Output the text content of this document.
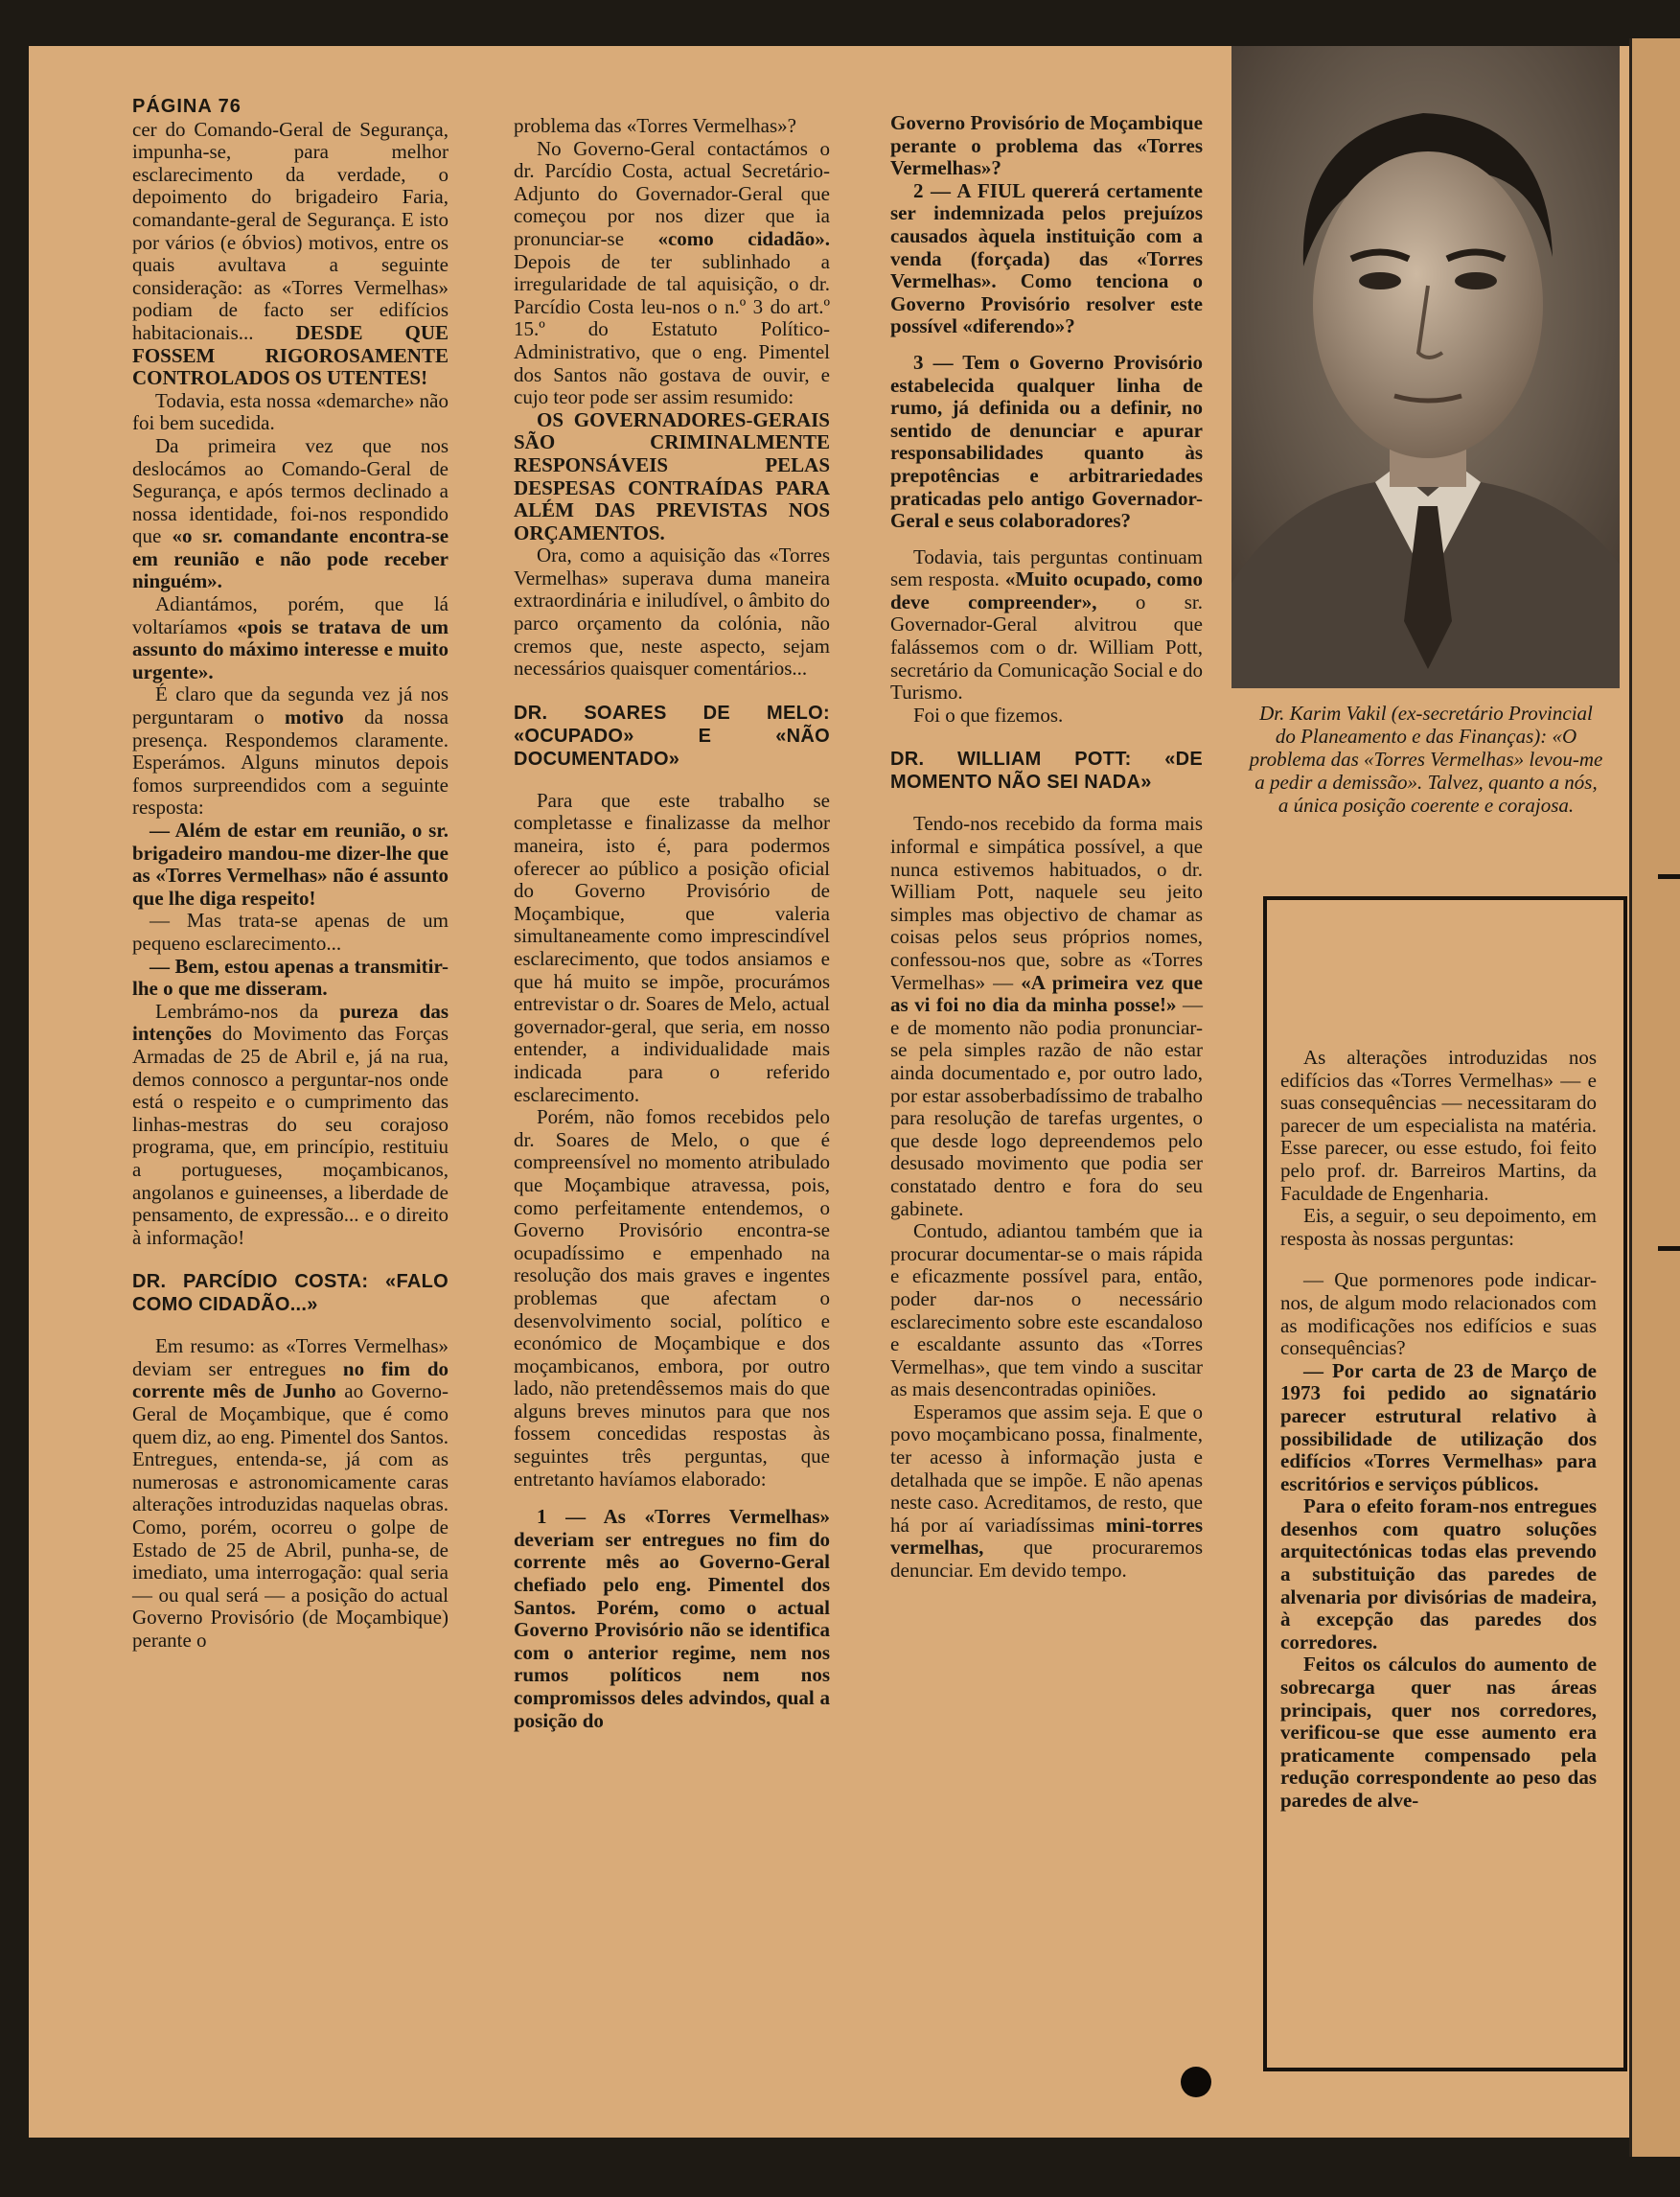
PÁGINA 76

cer do Comando-Geral de Segurança, impunha-se, para melhor esclarecimento da verdade, o depoimento do brigadeiro Faria, comandante-geral de Segurança. E isto por vários (e óbvios) motivos, entre os quais avultava a seguinte consideração: as «Torres Vermelhas» podiam de facto ser edifícios habitacionais... DESDE QUE FOSSEM RIGOROSAMENTE CONTROLADOS OS UTENTES!

Todavia, esta nossa «demarche» não foi bem sucedida.

Da primeira vez que nos deslocámos ao Comando-Geral de Segurança, e após termos declinado a nossa identidade, foi-nos respondido que «o sr. comandante encontra-se em reunião e não pode receber ninguém».

Adiantámos, porém, que lá voltaríamos «pois se tratava de um assunto do máximo interesse e muito urgente».

É claro que da segunda vez já nos perguntaram o motivo da nossa presença. Respondemos claramente. Esperámos. Alguns minutos depois fomos surpreendidos com a seguinte resposta:

— Além de estar em reunião, o sr. brigadeiro mandou-me dizer-lhe que as «Torres Vermelhas» não é assunto que lhe diga respeito!

— Mas trata-se apenas de um pequeno esclarecimento...

— Bem, estou apenas a transmitir-lhe o que me disseram.

Lembrámo-nos da pureza das intenções do Movimento das Forças Armadas de 25 de Abril e, já na rua, demos connosco a perguntar-nos onde está o respeito e o cumprimento das linhas-mestras do seu corajoso programa, que, em princípio, restituiu a portugueses, moçambicanos, angolanos e guineenses, a liberdade de pensamento, de expressão... e o direito à informação!

DR. PARCÍDIO COSTA: «FALO COMO CIDADÃO...»

Em resumo: as «Torres Vermelhas» deviam ser entregues no fim do corrente mês de Junho ao Governo-Geral de Moçambique, que é como quem diz, ao eng. Pimentel dos Santos. Entregues, entenda-se, já com as numerosas e astronomicamente caras alterações introduzidas naquelas obras. Como, porém, ocorreu o golpe de Estado de 25 de Abril, punha-se, de imediato, uma interrogação: qual seria — ou qual será — a posição do actual Governo Provisório (de Moçambique) perante o

problema das «Torres Vermelhas»?

No Governo-Geral contactámos o dr. Parcídio Costa, actual Secretário-Adjunto do Governador-Geral que começou por nos dizer que ia pronunciar-se «como cidadão». Depois de ter sublinhado a irregularidade de tal aquisição, o dr. Parcídio Costa leu-nos o n.º 3 do art.º 15.º do Estatuto Político-Administrativo, que o eng. Pimentel dos Santos não gostava de ouvir, e cujo teor pode ser assim resumido:

OS GOVERNADORES-GERAIS SÃO CRIMINALMENTE RESPONSÁVEIS PELAS DESPESAS CONTRAÍDAS PARA ALÉM DAS PREVISTAS NOS ORÇAMENTOS.

Ora, como a aquisição das «Torres Vermelhas» superava duma maneira extraordinária e iniludível, o âmbito do parco orçamento da colónia, não cremos que, neste aspecto, sejam necessários quaisquer comentários...

DR. SOARES DE MELO: «OCUPADO» E «NÃO DOCUMENTADO»

Para que este trabalho se completasse e finalizasse da melhor maneira, isto é, para podermos oferecer ao público a posição oficial do Governo Provisório de Moçambique, que valeria simultaneamente como imprescindível esclarecimento, que todos ansiamos e que há muito se impõe, procurámos entrevistar o dr. Soares de Melo, actual governador-geral, que seria, em nosso entender, a individualidade mais indicada para o referido esclarecimento.

Porém, não fomos recebidos pelo dr. Soares de Melo, o que é compreensível no momento atribulado que Moçambique atravessa, pois, como perfeitamente entendemos, o Governo Provisório encontra-se ocupadíssimo e empenhado na resolução dos mais graves e ingentes problemas que afectam o desenvolvimento social, político e económico de Moçambique e dos moçambicanos, embora, por outro lado, não pretendêssemos mais do que alguns breves minutos para que nos fossem concedidas respostas às seguintes três perguntas, que entretanto havíamos elaborado:

1 — As «Torres Vermelhas» deveriam ser entregues no fim do corrente mês ao Governo-Geral chefiado pelo eng. Pimentel dos Santos. Porém, como o actual Governo Provisório não se identifica com o anterior regime, nem nos rumos políticos nem nos compromissos deles advindos, qual a posição do

Governo Provisório de Moçambique perante o problema das «Torres Vermelhas»?

2 — A FIUL quererá certamente ser indemnizada pelos prejuízos causados àquela instituição com a venda (forçada) das «Torres Vermelhas». Como tenciona o Governo Provisório resolver este possível «diferendo»?

3 — Tem o Governo Provisório estabelecida qualquer linha de rumo, já definida ou a definir, no sentido de denunciar e apurar responsabilidades quanto às prepotências e arbitrariedades praticadas pelo antigo Governador-Geral e seus colaboradores?

Todavia, tais perguntas continuam sem resposta. «Muito ocupado, como deve compreender», o sr. Governador-Geral alvitrou que falássemos com o dr. William Pott, secretário da Comunicação Social e do Turismo.

Foi o que fizemos.

DR. WILLIAM POTT: «DE MOMENTO NÃO SEI NADA»

Tendo-nos recebido da forma mais informal e simpática possível, a que nunca estivemos habituados, o dr. William Pott, naquele seu jeito simples mas objectivo de chamar as coisas pelos seus próprios nomes, confessou-nos que, sobre as «Torres Vermelhas» — «A primeira vez que as vi foi no dia da minha posse!» — e de momento não podia pronunciar-se pela simples razão de não estar ainda documentado e, por outro lado, por estar assoberbadíssimo de trabalho para resolução de tarefas urgentes, o que desde logo depreendemos pelo desusado movimento que podia ser constatado dentro e fora do seu gabinete.

Contudo, adiantou também que ia procurar documentar-se o mais rápida e eficazmente possível para, então, poder dar-nos o necessário esclarecimento sobre este escandaloso e escaldante assunto das «Torres Vermelhas», que tem vindo a suscitar as mais desencontradas opiniões.

Esperamos que assim seja. E que o povo moçambicano possa, finalmente, ter acesso à informação justa e detalhada que se impõe. E não apenas neste caso. Acreditamos, de resto, que há por aí variadíssimas mini-torres vermelhas, que procuraremos denunciar. Em devido tempo.

Dr. Karim Vakil (ex-secretário Provincial do Planeamento e das Finanças): «O problema das «Torres Vermelhas» levou-me a pedir a demissão». Talvez, quanto a nós, a única posição coerente e corajosa.

As alterações introduzidas nos edifícios das «Torres Vermelhas» — e suas consequências — necessitaram do parecer de um especialista na matéria. Esse parecer, ou esse estudo, foi feito pelo prof. dr. Barreiros Martins, da Faculdade de Engenharia.

Eis, a seguir, o seu depoimento, em resposta às nossas perguntas:

— Que pormenores pode indicar-nos, de algum modo relacionados com as modificações nos edifícios e suas consequências?

— Por carta de 23 de Março de 1973 foi pedido ao signatário parecer estrutural relativo à possibilidade de utilização dos edifícios «Torres Vermelhas» para escritórios e serviços públicos.

Para o efeito foram-nos entregues desenhos com quatro soluções arquitectónicas todas elas prevendo a substituição das paredes de alvenaria por divisórias de madeira, à excepção das paredes dos corredores.

Feitos os cálculos do aumento de sobrecarga quer nas áreas principais, quer nos corredores, verificou-se que esse aumento era praticamente compensado pela redução correspondente ao peso das paredes de alve-
